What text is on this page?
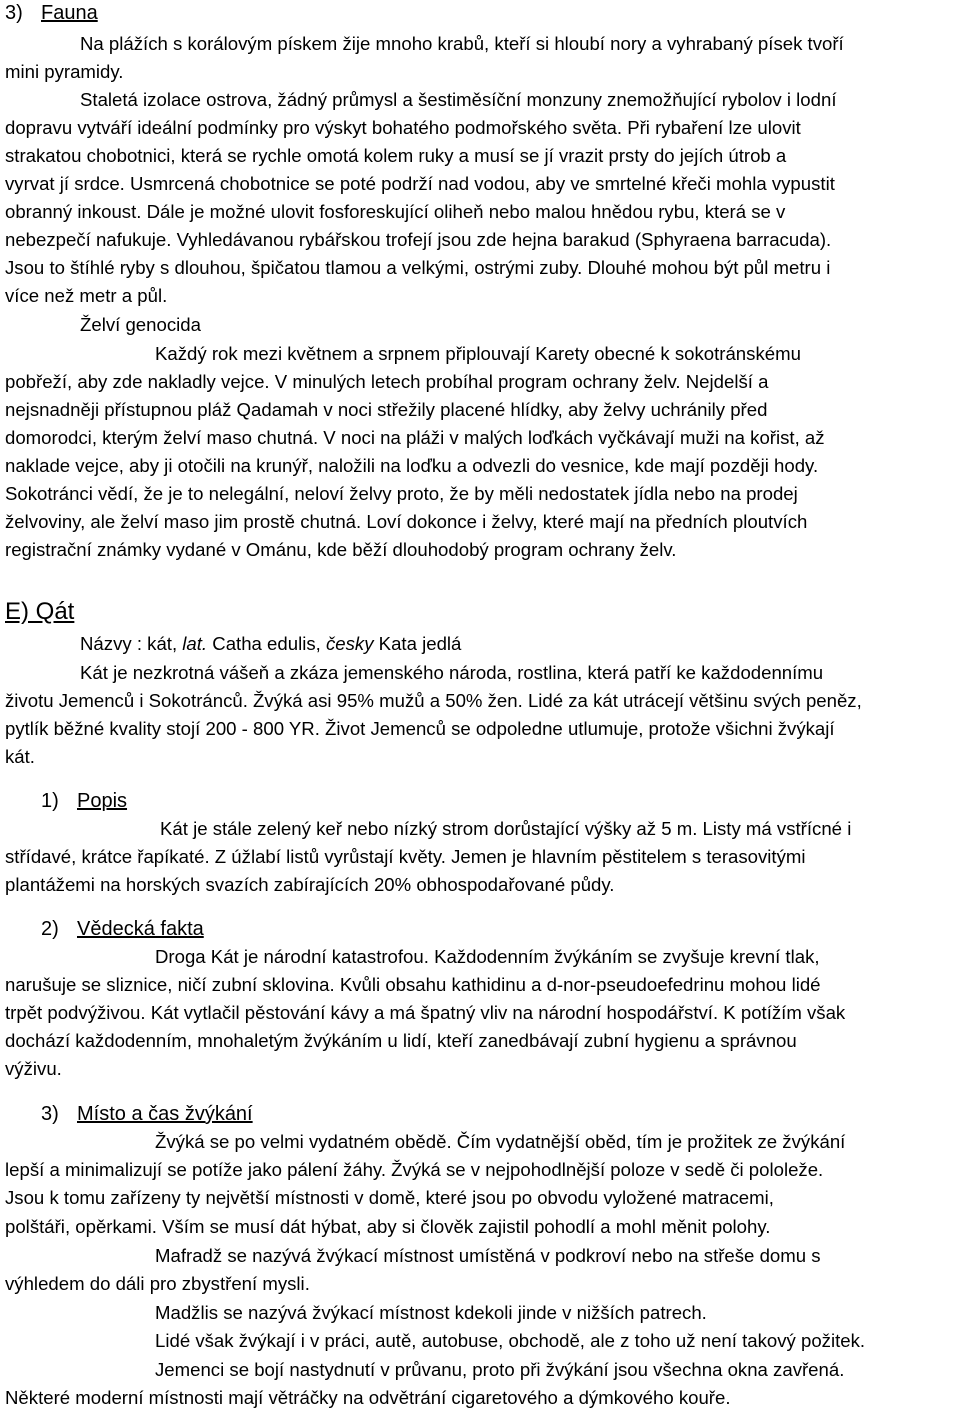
3) Fauna
Na plážích s korálovým pískem žije mnoho krabů, kteří si hloubí nory a vyhrabaný písek tvoří
mini pyramidy.
Staletá izolace ostrova, žádný průmysl a šestiměsíční monzuny znemožňující rybolov i lodní
dopravu vytváří ideální podmínky pro výskyt bohatého podmořského světa. Při rybaření lze ulovit
strakatou chobotnici, která se rychle omotá kolem ruky a musí se jí vrazit prsty do jejích útrob a
vyrvat jí srdce. Usmrcená chobotnice se poté podrží nad vodou, aby ve smrtelné křeči mohla vypustit
obranný inkoust. Dále je možné ulovit fosforeskující oliheň nebo malou hnědou rybu, která se v
nebezpečí nafukuje. Vyhledávanou rybářskou trofejí jsou zde hejna barakud (Sphyraena barracuda).
Jsou to štíhlé ryby s dlouhou, špičatou tlamou a velkými, ostrými zuby. Dlouhé mohou být půl metru i
více než metr a půl.
Želví genocida
Každý rok mezi květnem a srpnem připlouvají Karety obecné k sokotránskému
pobřeží, aby zde nakladly vejce. V minulých letech probíhal program ochrany želv. Nejdelší a
nejsnadněji přístupnou pláž Qadamah v noci střežily placené hlídky, aby želvy uchránily před
domorodci, kterým želví maso chutná. V noci na pláži v malých loďkách vyčkávají muži na kořist, až
naklade vejce, aby ji otočili na krunýř, naložili na loďku a odvezli do vesnice, kde mají později hody.
Sokotránci vědí, že je to nelegální, neloví želvy proto, že by měli nedostatek jídla nebo na prodej
želvoviny, ale želví maso jim prostě chutná. Loví dokonce i želvy, které mají na předních ploutvích
registrační známky vydané v Ománu, kde běží dlouhodobý program ochrany želv.
E) Qát
Názvy : kát, lat. Catha edulis, česky Kata jedlá
Kát je nezkrotná vášeň a zkáza jemenského národa, rostlina, která patří ke každodennímu
životu Jemenců i Sokotránců. Žvýká asi 95% mužů a 50% žen. Lidé za kát utrácejí většinu svých peněz,
pytlík běžné kvality stojí 200 - 800 YR. Život Jemenců se odpoledne utlumuje, protože všichni žvýkají
kát.
1) Popis
Kát je stále zelený keř nebo nízký strom dorůstající výšky až 5 m. Listy má vstřícné i
střídavé, krátce řapíkaté. Z úžlabí listů vyrůstají květy. Jemen je hlavním pěstitelem s terasovitými
plantážemi na horských svazích zabírajících 20% obhospodařované půdy.
2) Vědecká fakta
Droga Kát je národní katastrofou. Každodenním žvýkáním se zvyšuje krevní tlak,
narušuje se sliznice, ničí zubní sklovina. Kvůli obsahu kathidinu a d-nor-pseudoefedrinu mohou lidé
trpět podvýživou. Kát vytlačil pěstování kávy a má špatný vliv na národní hospodářství. K potížím však
dochází každodenním, mnohaletým žvýkáním u lidí, kteří zanedbávají zubní hygienu a správnou
výživu.
3) Místo a čas žvýkání
Žvýká se po velmi vydatném obědě. Čím vydatnější oběd, tím je prožitek ze žvýkání
lepší a minimalizují se potíže jako pálení žáhy. Žvýká se v nejpohodlnější poloze v sedě či pololeže.
Jsou k tomu zařízeny ty největší místnosti v domě, které jsou po obvodu vyložené matracemi,
polštáři, opěrkami. Vším se musí dát hýbat, aby si člověk zajistil pohodlí a mohl měnit polohy.
Mafradž se nazývá žvýkací místnost umístěná v podkroví nebo na střeše domu s
výhledem do dáli pro zbystření mysli.
Madžlis se nazývá žvýkací místnost kdekoli jinde v nižších patrech.
Lidé však žvýkají i v práci, autě, autobuse, obchodě, ale z toho už není takový požitek.
Jemenci se bojí nastydnutí v průvanu, proto při žvýkání jsou všechna okna zavřená.
Některé moderní místnosti mají větráčky na odvětrání cigaretového a dýmkového kouře.
